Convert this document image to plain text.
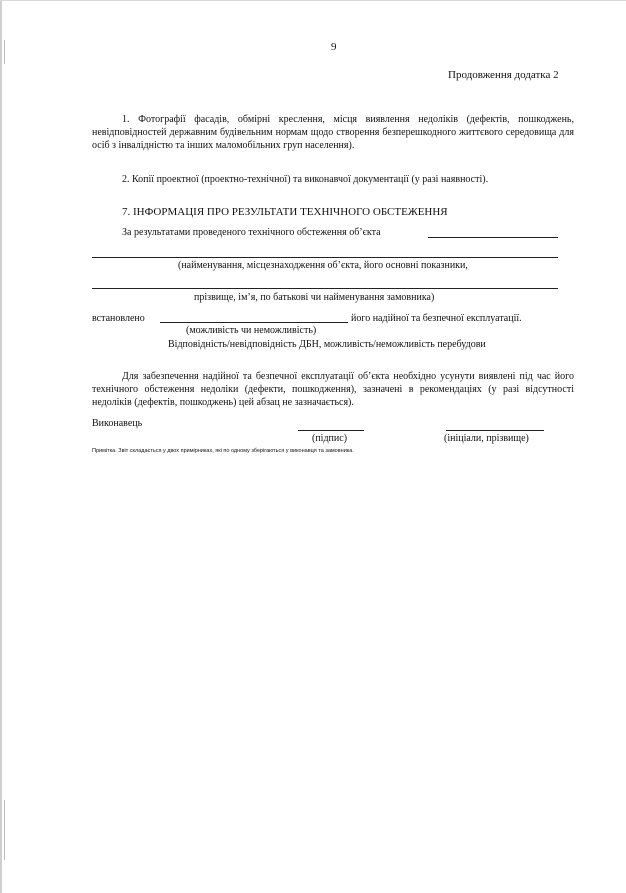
9
Продовження додатка 2
1. Фотографії фасадів, обмірні креслення, місця виявлення недоліків (дефектів, пошкоджень, невідповідностей державним будівельним нормам щодо створення безперешкодного життєвого середовища для осіб з інвалідністю та інших маломобільних груп населення).
2. Копії проектної (проектно-технічної) та виконавчої документації (у разі наявності).
7. ІНФОРМАЦІЯ ПРО РЕЗУЛЬТАТИ ТЕХНІЧНОГО ОБСТЕЖЕННЯ
За результатами проведеного технічного обстеження об’єкта
(найменування, місцезнаходження об’єкта, його основні показники,
прізвище, ім’я, по батькові чи найменування замовника)
встановлено	його надійної та безпечної експлуатації.
(можливість чи неможливість)
Відповідність/невідповідність ДБН, можливість/неможливість перебудови
Для забезпечення надійної та безпечної експлуатації об’єкта необхідно усунути виявлені під час його технічного обстеження недоліки (дефекти, пошкодження), зазначені в рекомендаціях (у разі відсутності недоліків (дефектів, пошкоджень) цей абзац не зазначається).
Виконавець
(підпис)	(ініціали, прізвище)
Примітка. Звіт складається у двох примірниках, які по одному зберігаються у виконавця та замовника.
